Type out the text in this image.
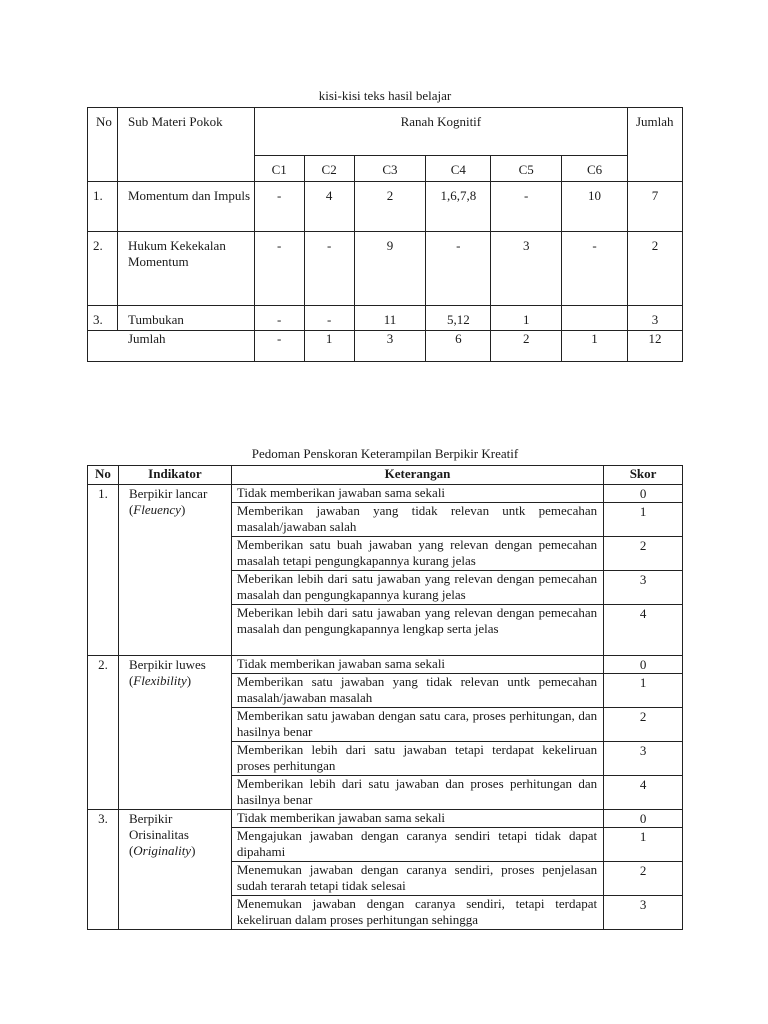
kisi-kisi teks hasil belajar
No	Sub Materi Pokok	Ranah Kognitif						Jumlah
		C1	C2	C3	C4	C5	C6	
1.	Momentum dan Impuls	-	4	2	1,6,7,8	-	10	7
2.	Hukum Kekekalan Momentum	-	-	9	-	3	-	2
3.	Tumbukan	-	-	11	5,12	1		3
Jumlah		-	1	3	6	2	1	12
Pedoman Penskoran Keterampilan Berpikir Kreatif
No	Indikator	Keterangan	Skor
1.	Berpikir lancar (Fleuency)	Tidak memberikan jawaban sama sekali	0
		Memberikan jawaban yang tidak relevan untk pemecahan masalah/jawaban salah	1
		Memberikan satu buah jawaban yang relevan dengan pemecahan masalah tetapi pengungkapannya kurang jelas	2
		Meberikan lebih dari satu jawaban yang relevan dengan pemecahan masalah dan pengungkapannya kurang jelas	3
		Meberikan lebih dari satu jawaban yang relevan dengan pemecahan masalah dan pengungkapannya lengkap serta jelas	4
2.	Berpikir luwes (Flexibility)	Tidak memberikan jawaban sama sekali	0
		Memberikan satu jawaban yang tidak relevan untk pemecahan masalah/jawaban masalah	1
		Memberikan satu jawaban dengan satu cara, proses perhitungan, dan hasilnya benar	2
		Memberikan lebih dari satu jawaban tetapi terdapat kekeliruan proses perhitungan	3
		Memberikan lebih dari satu jawaban dan proses perhitungan dan hasilnya benar	4
3.	Berpikir Orisinalitas (Originality)	Tidak memberikan jawaban sama sekali	0
		Mengajukan jawaban dengan caranya sendiri tetapi tidak dapat dipahami	1
		Menemukan jawaban dengan caranya sendiri, proses penjelasan sudah terarah tetapi tidak selesai	2
		Menemukan jawaban dengan caranya sendiri, tetapi terdapat kekeliruan dalam proses perhitungan sehingga	3
